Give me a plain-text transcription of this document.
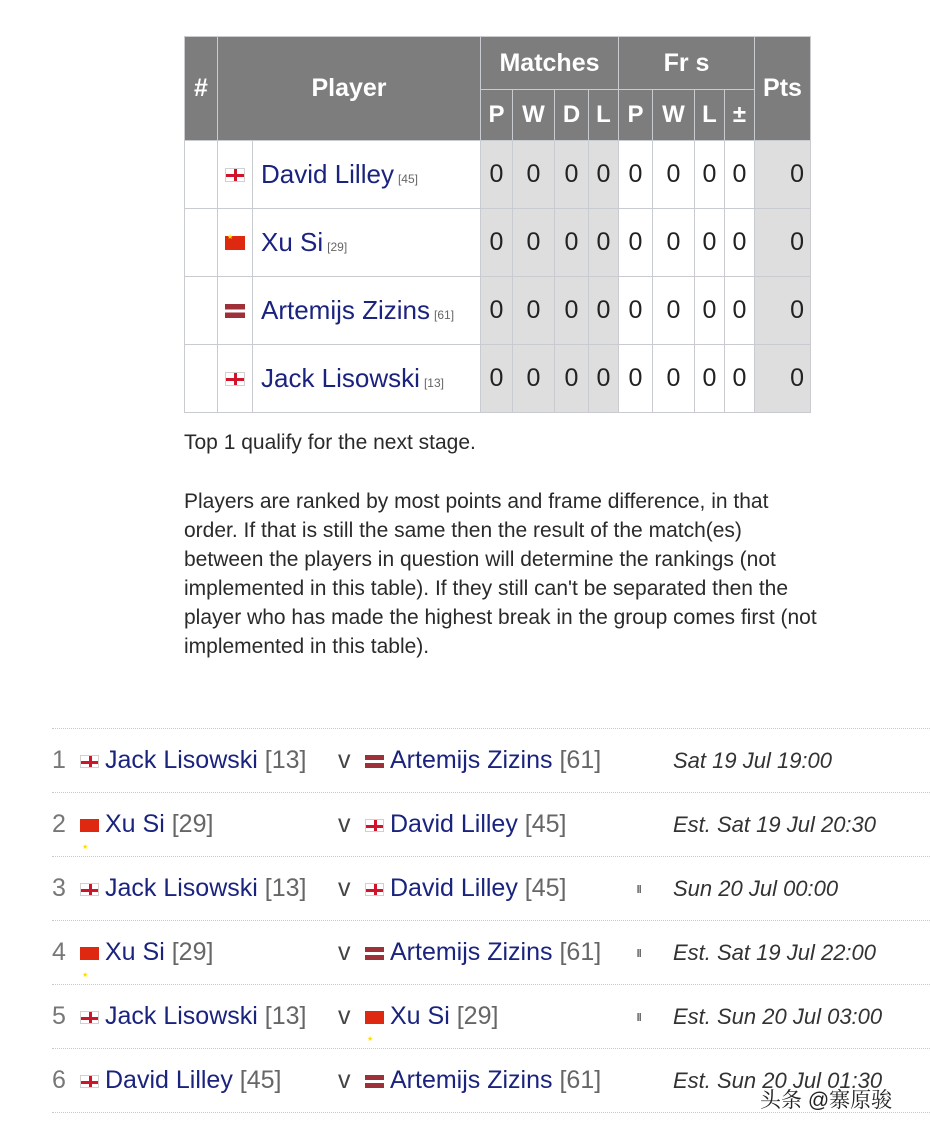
#	Player		Matches				Fr s				Pts
			P	W	D	L	P	W	L	±	
		David Lilley [45]	0	0	0	0	0	0	0	0	0
	★	Xu Si [29]	0	0	0	0	0	0	0	0	0
		Artemijs Zizins [61]	0	0	0	0	0	0	0	0	0
		Jack Lisowski [13]	0	0	0	0	0	0	0	0	0

Top 1 qualify for the next stage.

Players are ranked by most points and frame difference, in that order. If that is still the same then the result of the match(es) between the players in question will determine the rankings (not implemented in this table). If they still can't be separated then the player who has made the highest break in the group comes first (not implemented in this table).

1	Jack Lisowski [13] v	Artemijs Zizins [61]	Sat 19 Jul 19:00
2 ★	Xu Si [29]	v	David Lilley [45]	Est. Sat 19 Jul 20:30
3	Jack Lisowski [13] v	David Lilley [45]	ıı Sun 20 Jul 00:00
4 ★	Xu Si [29]	v	Artemijs Zizins [61] ıı Est. Sat 19 Jul 22:00
5	Jack Lisowski [13] v ★	Xu Si [29]	ıı Est. Sun 20 Jul 03:00
6	David Lilley [45] v	Artemijs Zizins [61]	Est. Sun 20 Jul 01:30
头条 @寨原骏
